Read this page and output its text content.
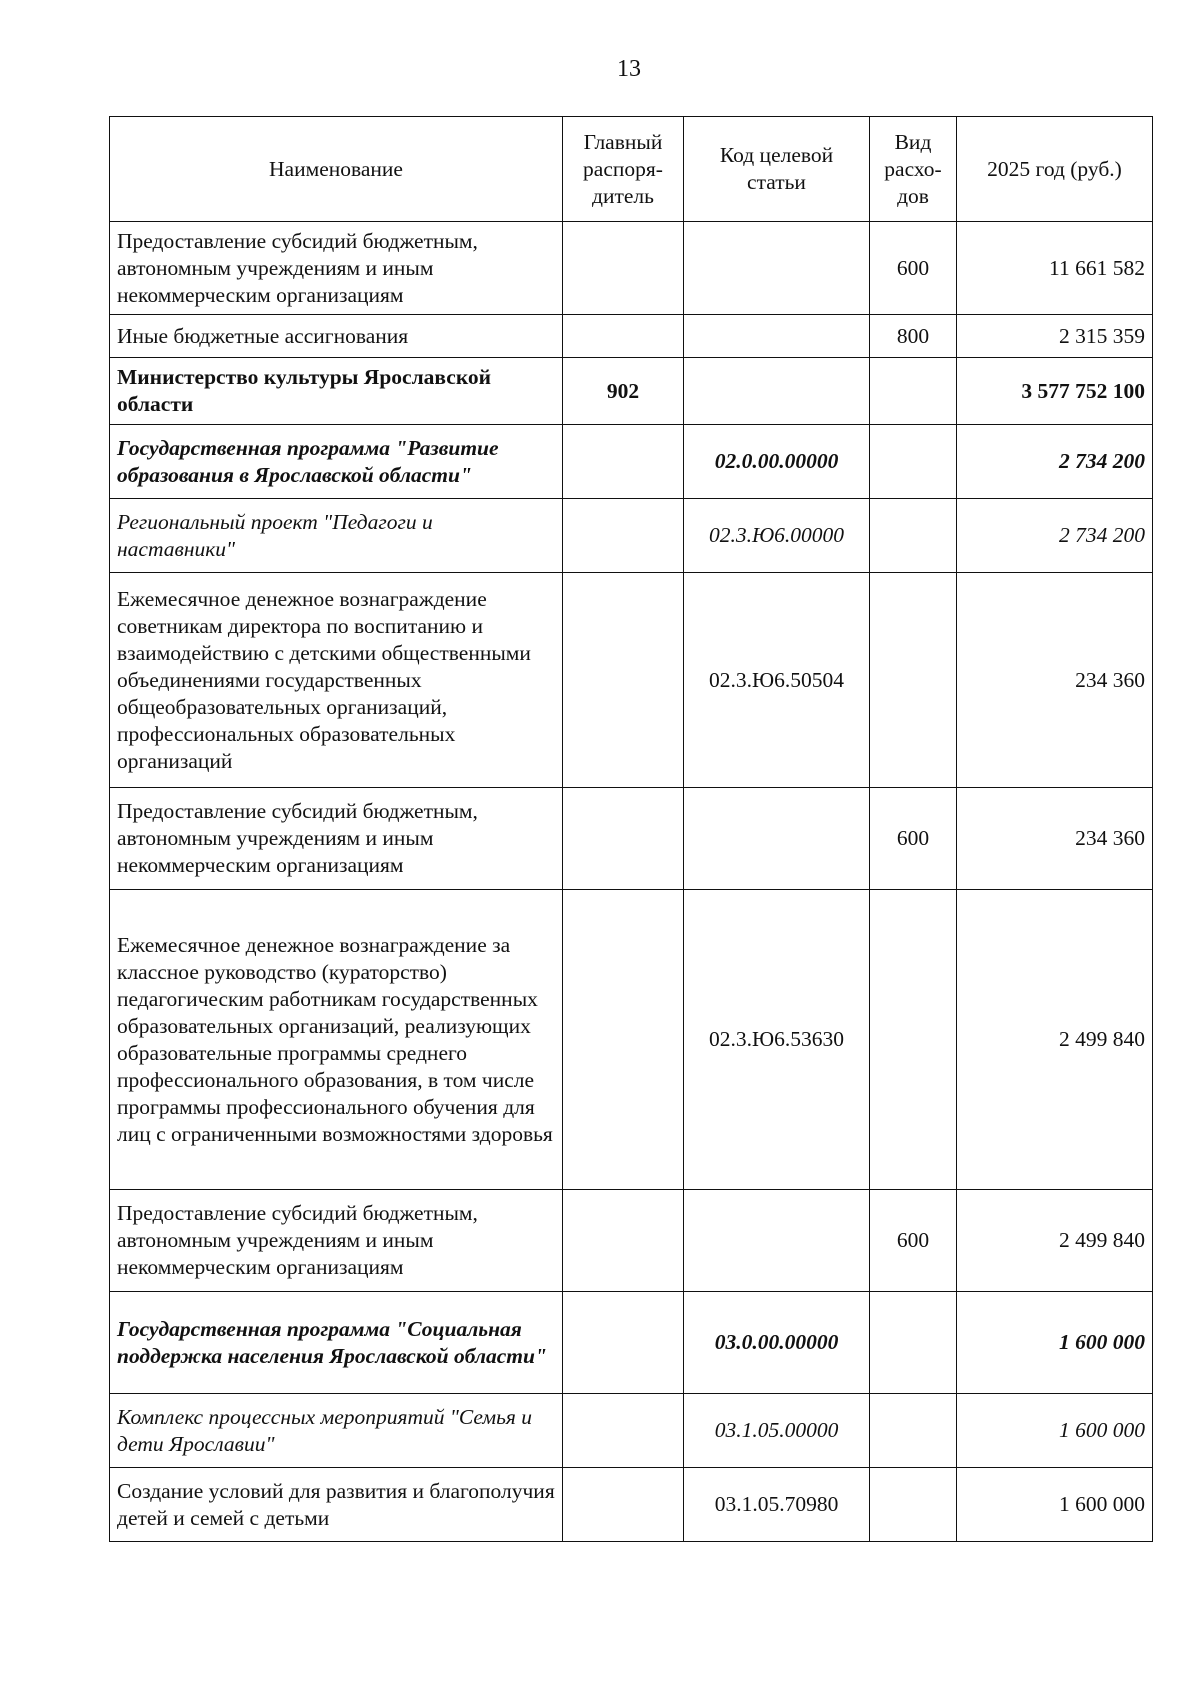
13
Наименование	Главный распоря-дитель	Код целевой статьи	Вид расхо-дов	2025 год (руб.)
Предоставление субсидий бюджетным, автономным учреждениям и иным некоммерческим организациям			600	11 661 582
Иные бюджетные ассигнования			800	2 315 359
Министерство культуры Ярославской области	902			3 577 752 100
Государственная программа "Развитие образования в Ярославской области"		02.0.00.00000		2 734 200
Региональный проект "Педагоги и наставники"		02.3.Ю6.00000		2 734 200
Ежемесячное денежное вознаграждение советникам директора по воспитанию и взаимодействию с детскими общественными объединениями государственных общеобразовательных организаций, профессиональных образовательных организаций		02.3.Ю6.50504		234 360
Предоставление субсидий бюджетным, автономным учреждениям и иным некоммерческим организациям			600	234 360
Ежемесячное денежное вознаграждение за классное руководство (кураторство) педагогическим работникам государственных образовательных организаций, реализующих образовательные программы среднего профессионального образования, в том числе программы профессионального обучения для лиц с ограниченными возможностями здоровья		02.3.Ю6.53630		2 499 840
Предоставление субсидий бюджетным, автономным учреждениям и иным некоммерческим организациям			600	2 499 840
Государственная программа "Социальная поддержка населения Ярославской области"		03.0.00.00000		1 600 000
Комплекс процессных мероприятий "Семья и дети Ярославии"		03.1.05.00000		1 600 000
Создание условий для развития и благополучия детей и семей с детьми		03.1.05.70980		1 600 000
